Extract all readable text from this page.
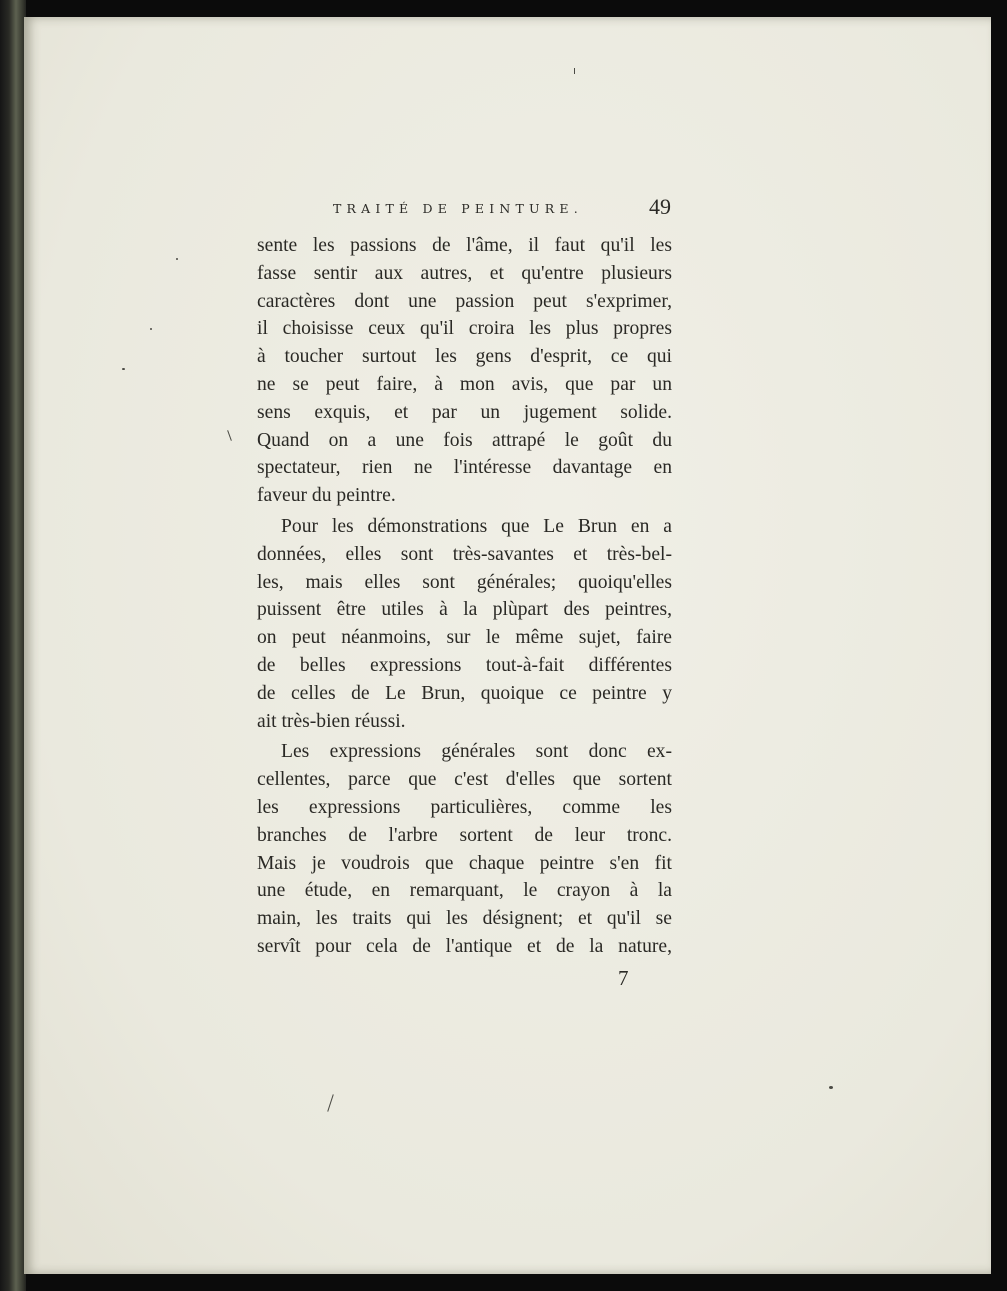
TRAITÉ DE PEINTURE.	49
sente les passions de l'âme, il faut qu'il les
fasse sentir aux autres, et qu'entre plusieurs
caractères dont une passion peut s'exprimer,
il choisisse ceux qu'il croira les plus propres
à toucher surtout les gens d'esprit, ce qui
ne se peut faire, à mon avis, que par un
sens exquis, et par un jugement solide.
Quand on a une fois attrapé le goût du
spectateur, rien ne l'intéresse davantage en
faveur du peintre.
Pour les démonstrations que Le Brun en a
données, elles sont très-savantes et très-bel-
les, mais elles sont générales; quoiqu'elles
puissent être utiles à la plùpart des peintres,
on peut néanmoins, sur le même sujet, faire
de belles expressions tout-à-fait différentes
de celles de Le Brun, quoique ce peintre y
ait très-bien réussi.
Les expressions générales sont donc ex-
cellentes, parce que c'est d'elles que sortent
les expressions particulières, comme les
branches de l'arbre sortent de leur tronc.
Mais je voudrois que chaque peintre s'en fit
une étude, en remarquant, le crayon à la
main, les traits qui les désignent; et qu'il se
servît pour cela de l'antique et de la nature,
7
